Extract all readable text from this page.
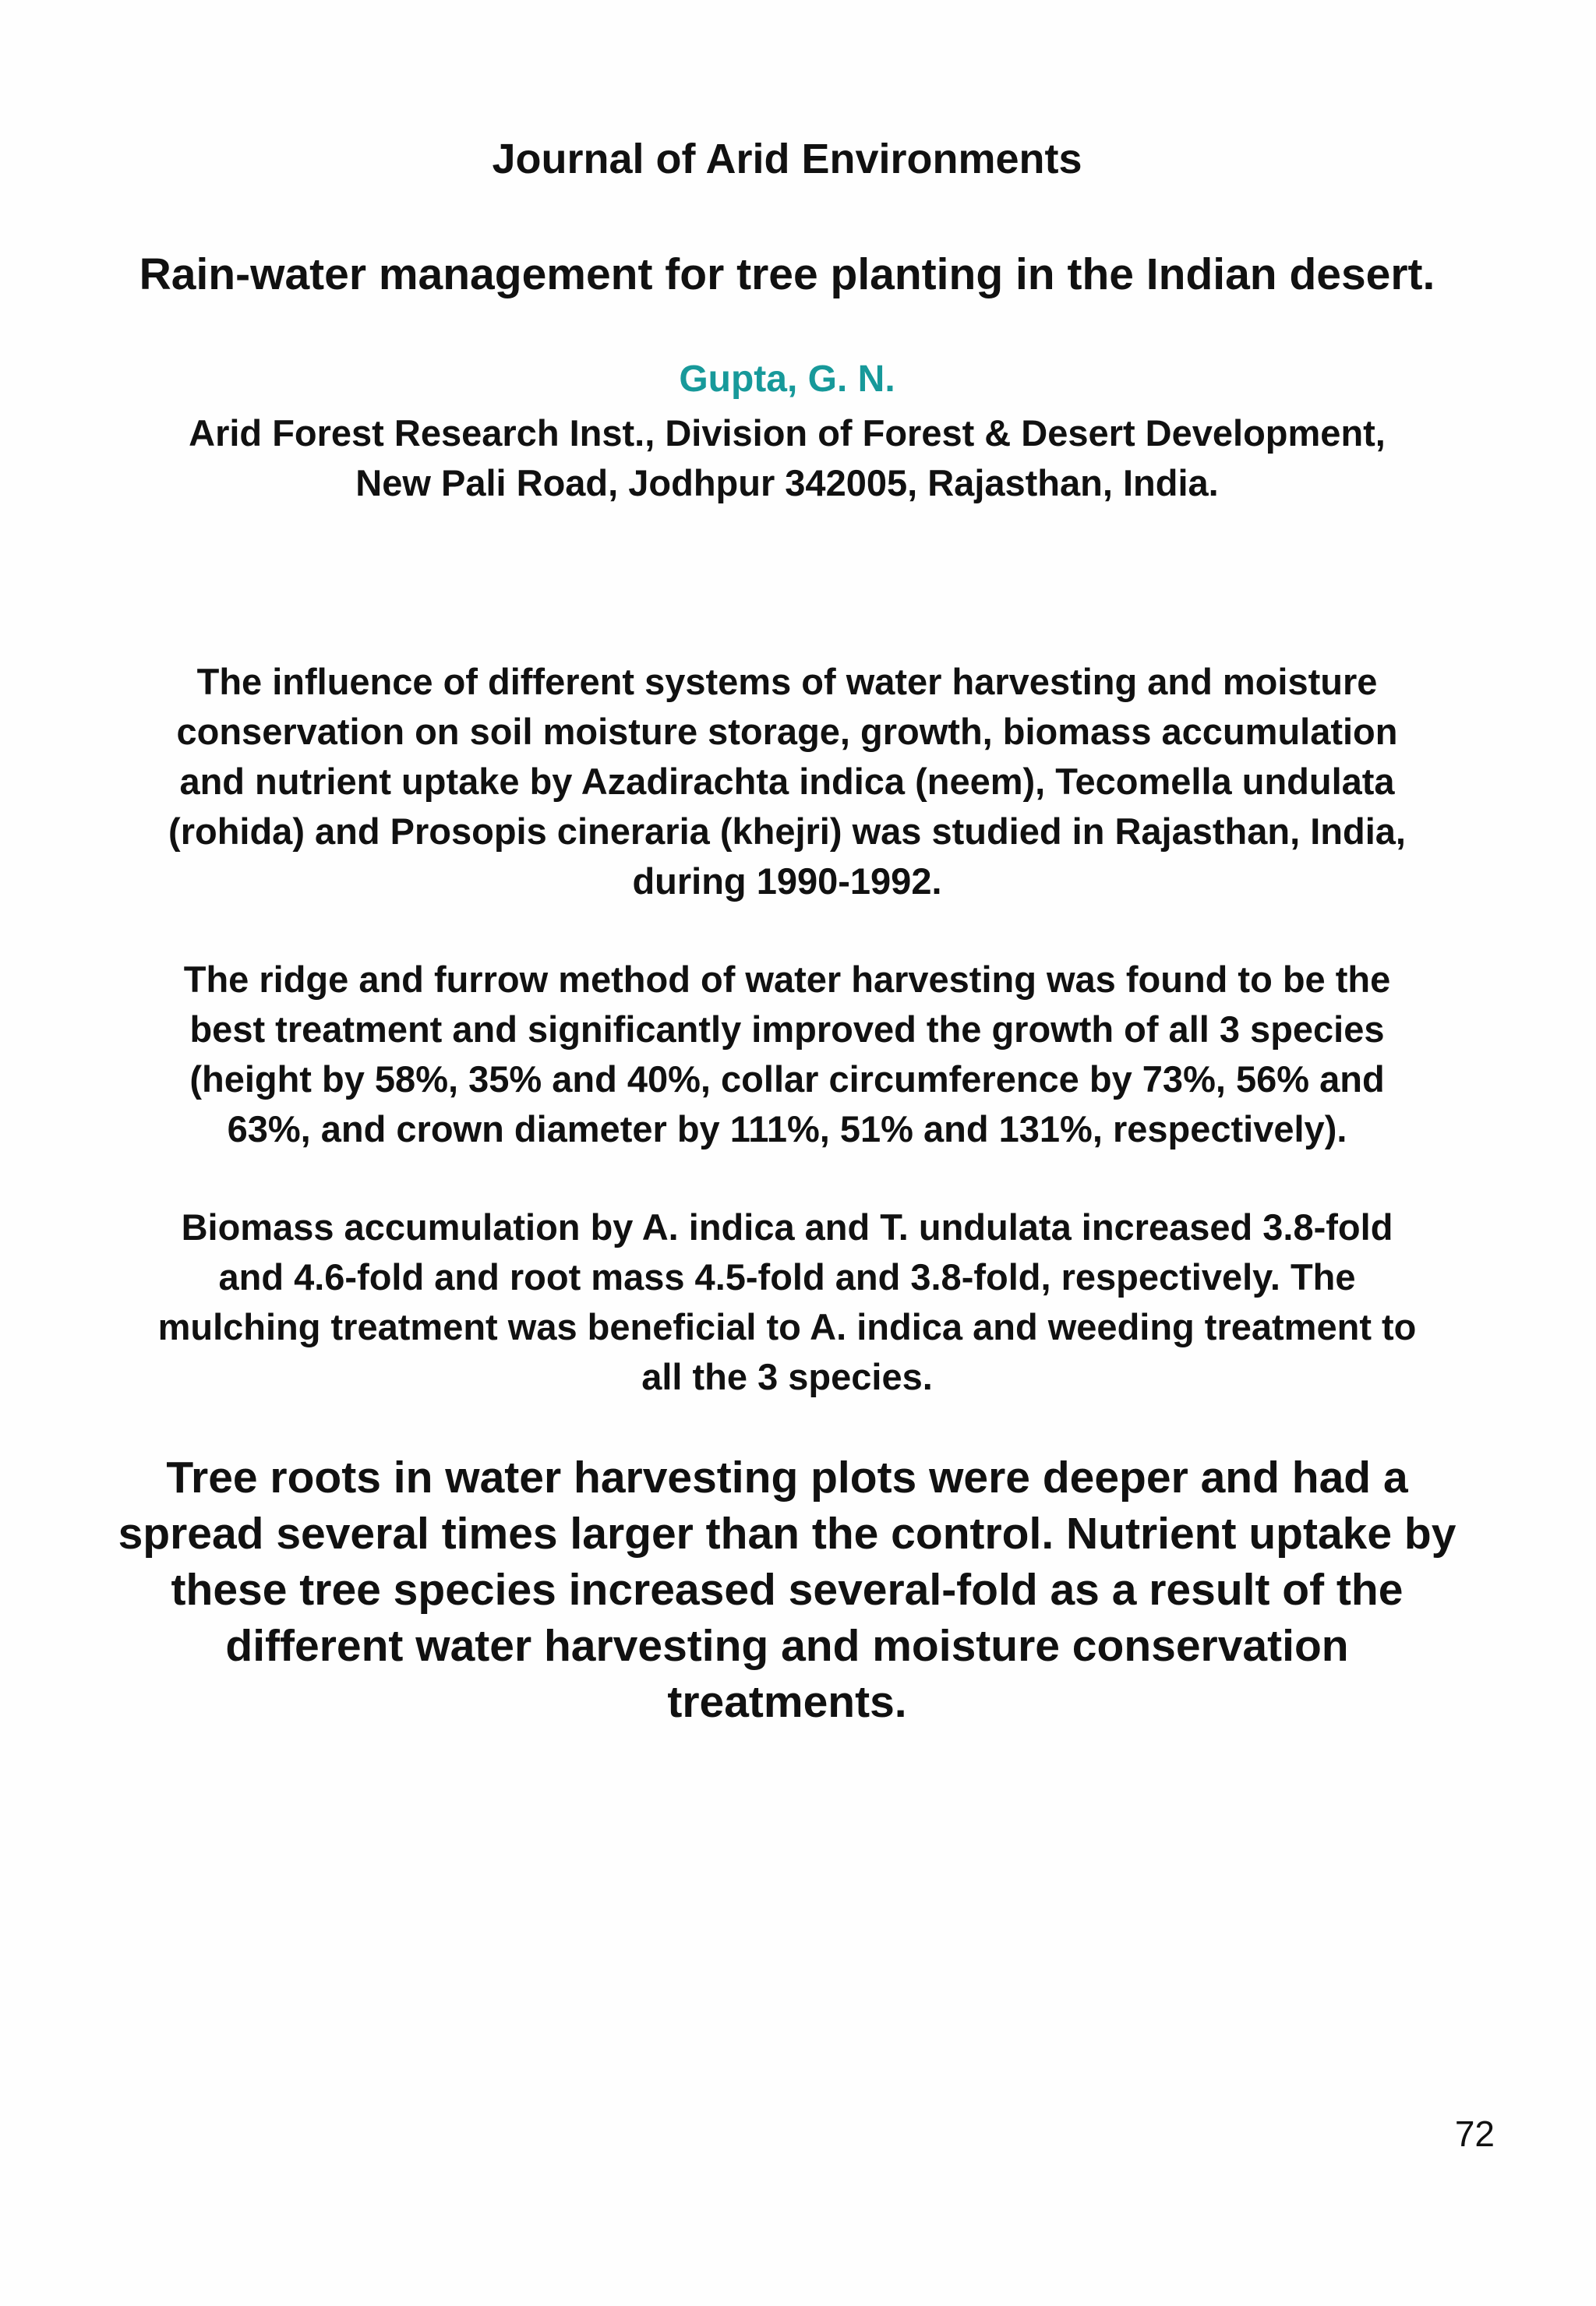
Journal of Arid Environments
Rain-water management for tree planting in the Indian desert.
Gupta, G. N.
Arid Forest Research Inst., Division of Forest & Desert Development,
New Pali Road, Jodhpur 342005, Rajasthan, India.
The influence of different systems of water harvesting and moisture
conservation on soil moisture storage, growth, biomass accumulation
and nutrient uptake by Azadirachta indica (neem), Tecomella undulata
(rohida) and Prosopis cineraria (khejri) was studied in Rajasthan, India,
during 1990-1992.
The ridge and furrow method of water harvesting was found to be the
best treatment and significantly improved the growth of all 3 species
(height by 58%, 35% and 40%, collar circumference by 73%, 56% and
63%, and crown diameter by 111%, 51% and 131%, respectively).
Biomass accumulation by A. indica and T. undulata increased 3.8-fold
and 4.6-fold and root mass 4.5-fold and 3.8-fold, respectively. The
mulching treatment was beneficial to A. indica and weeding treatment to
all the 3 species.
Tree roots in water harvesting plots were deeper and had a
spread several times larger than the control. Nutrient uptake by
these tree species increased several-fold as a result of the
different water harvesting and moisture conservation
treatments.
72
